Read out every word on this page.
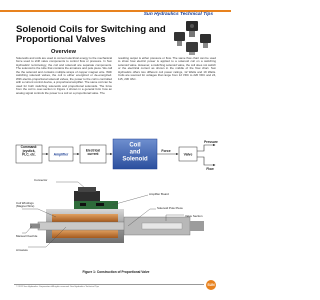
Sun Hydraulics Technical Tips
Solenoid Coils for Switching and Proportional Valves
Overview
Solenoids and coils are used to convert electrical energy to the mechanical force used to shift valve components to control flow or pressure. In Sun Hydraulics' terminology, the coil and solenoid are separate components. The solenoid is the tube that contains the armature and pole piece. We call the the solenoid and contains multiple wraps of copper magnet wire. With switching solenoid valves, the coil is either energized or de-energized. With electro-proportional solenoid valves, the power to the coil is controlled with a current control device, a proportional amplifier. The same coil can be used for both switching solenoids and proportional solenoids. The force from the coil is over-section in Figure 1 shown in a general form how an analog signal controls the power to a coil on a proportional valve. The
resulting output is either pressure or flow. The same flow chart can be used to show how electric power is applied to a solenoid coil on a switching solenoid valve. However, a switching solenoid valve, the coil does not switch or the electrical current as shown in the middle of the flow chart. Sun Hydraulics offers two different coil power ratings, 12 Watts and 19 Watts. Coils are sourced for voltages that range from 12 VDC to 220 VDC and 24, 115, 230 VAC.
Command: joystick, PLC, etc.	Amplifier
Electrical current
Coil and Solenoid
Force
Valve
Pressure
Flow
Connector
Amplifier Board
Coil Windings (Magnet Wire)
Manual Override
Armature
Solenoid Pole Piece
Valve Section
Figure 1: Construction of Proportional Valve
© 2011 Sun Hydraulics Corporation. All rights reserved. Sun Hydraulics Technical Tips	SUN
